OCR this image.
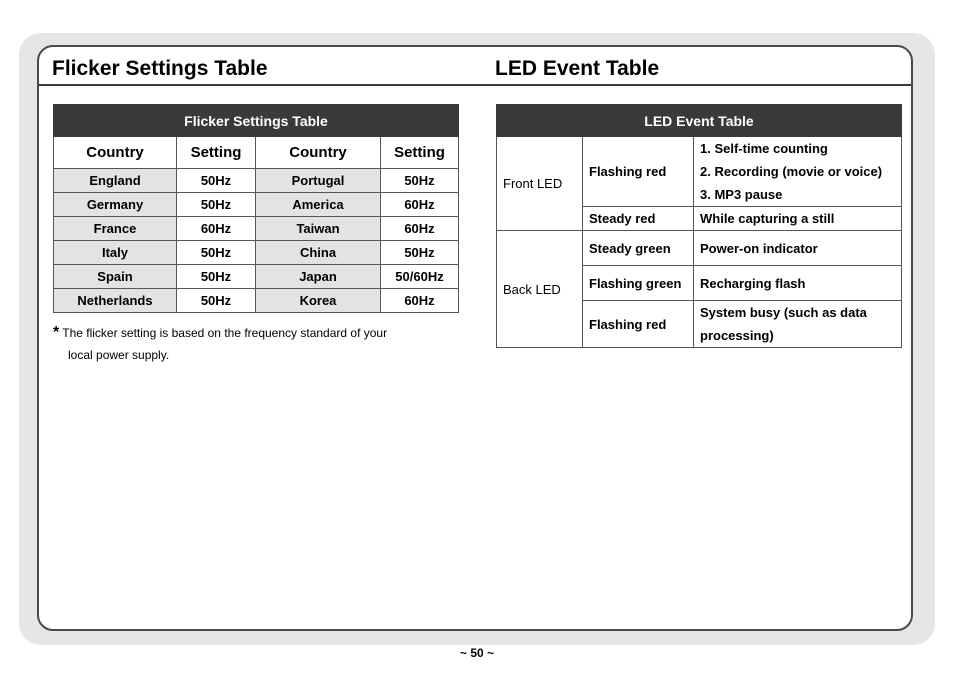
Flicker Settings Table	LED Event Table
Flicker Settings Table			
Country	Setting	Country	Setting
England	50Hz	Portugal	50Hz
Germany	50Hz	America	60Hz
France	60Hz	Taiwan	60Hz
Italy	50Hz	China	50Hz
Spain	50Hz	Japan	50/60Hz
Netherlands	50Hz	Korea	60Hz

* The flicker setting is based on the frequency standard of your
local power supply.

LED Event Table		
Front LED	Flashing red	1. Self-time counting
2. Recording (movie or voice)
3. MP3 pause

	Steady red	While capturing a still

Back LED	Steady green	Power-on indicator

	Flashing green	Recharging flash

	Flashing red	System busy (such as data
processing)
~ 50 ~
